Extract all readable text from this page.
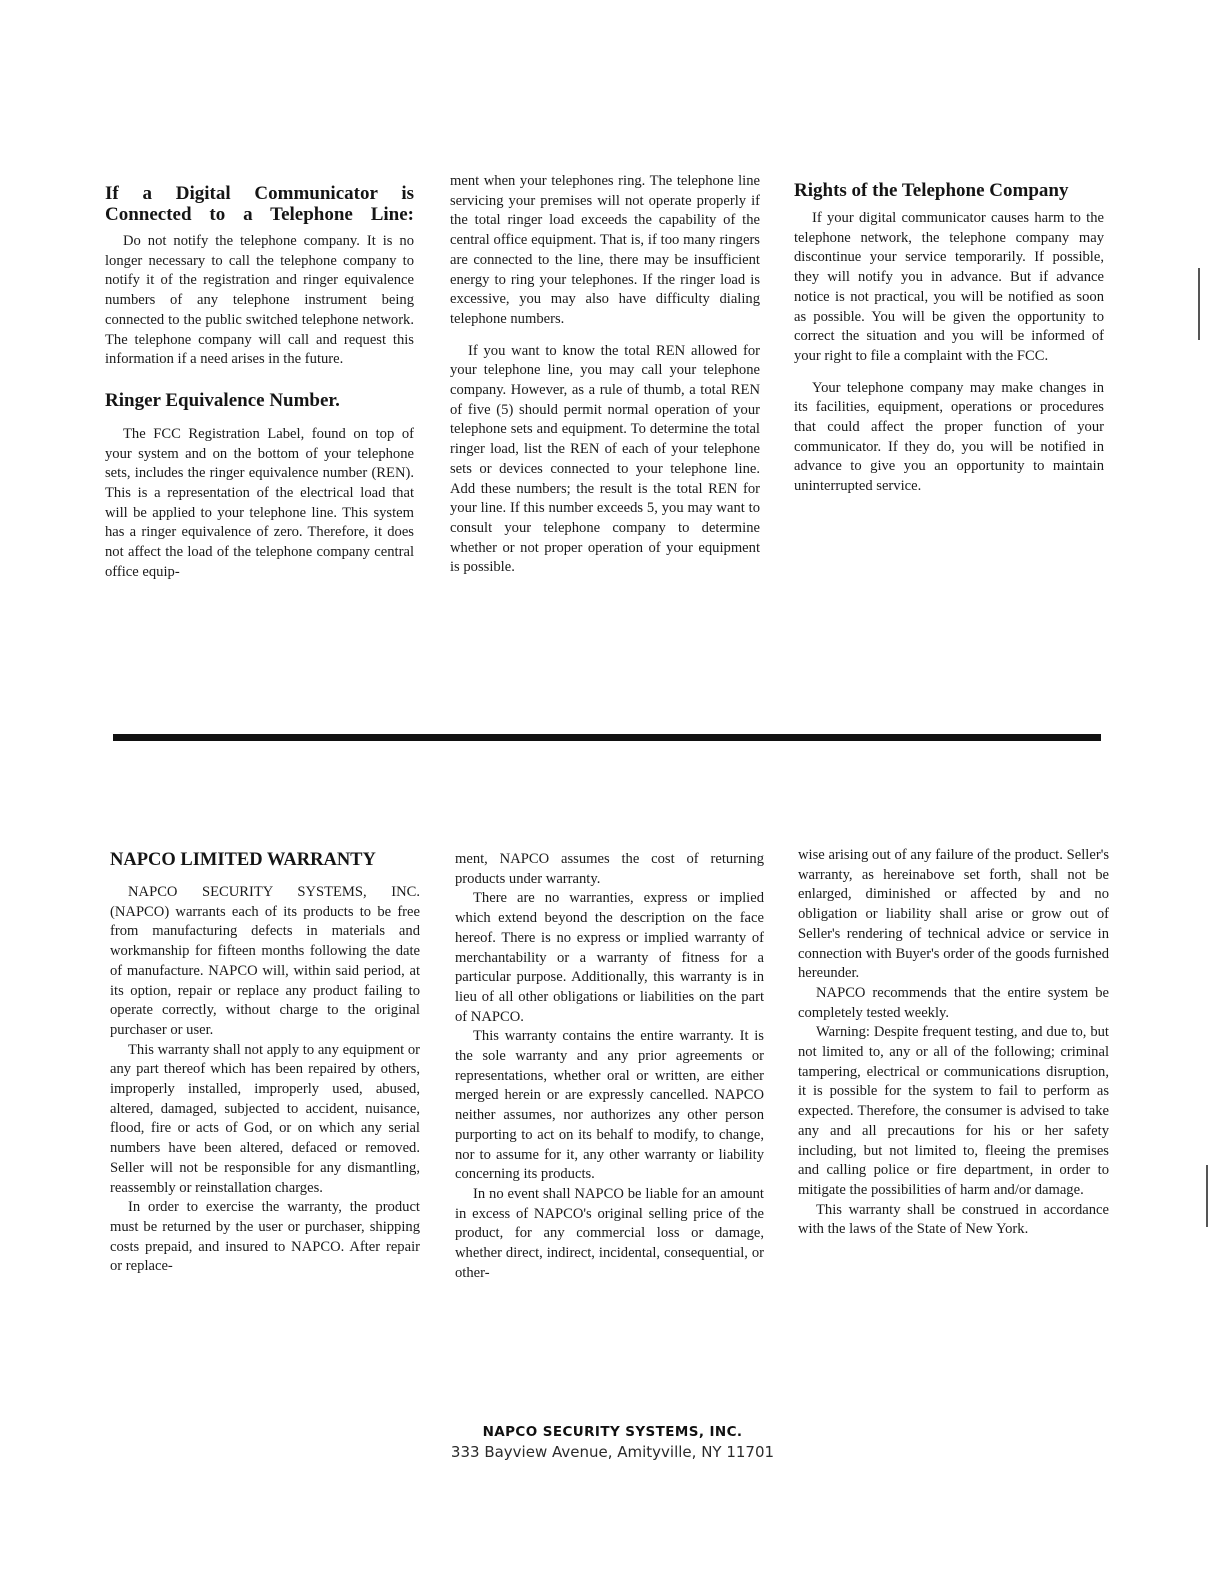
If a Digital Communicator is
Connected to a Telephone Line:

Do not notify the telephone company. It is no longer necessary to call the telephone company to notify it of the registration and ringer equivalence numbers of any telephone instrument being connected to the public switched telephone network. The telephone company will call and request this information if a need arises in the future.

Ringer Equivalence Number.

The FCC Registration Label, found on top of your system and on the bottom of your telephone sets, includes the ringer equivalence number (REN). This is a representation of the electrical load that will be applied to your telephone line. This system has a ringer equivalence of zero. Therefore, it does not affect the load of the telephone company central office equip-

ment when your telephones ring. The telephone line servicing your premises will not operate properly if the total ringer load exceeds the capability of the central office equipment. That is, if too many ringers are connected to the line, there may be insufficient energy to ring your telephones. If the ringer load is excessive, you may also have difficulty dialing telephone numbers.

If you want to know the total REN allowed for your telephone line, you may call your telephone company. However, as a rule of thumb, a total REN of five (5) should permit normal operation of your telephone sets and equipment. To determine the total ringer load, list the REN of each of your telephone sets or devices connected to your telephone line. Add these numbers; the result is the total REN for your line. If this number exceeds 5, you may want to consult your telephone company to determine whether or not proper operation of your equipment is possible.

Rights of the Telephone Company

If your digital communicator causes harm to the telephone network, the telephone company may discontinue your service temporarily. If possible, they will notify you in advance. But if advance notice is not practical, you will be notified as soon as possible. You will be given the opportunity to correct the situation and you will be informed of your right to file a complaint with the FCC.

Your telephone company may make changes in its facilities, equipment, operations or procedures that could affect the proper function of your communicator. If they do, you will be notified in advance to give you an opportunity to maintain uninterrupted service.

NAPCO LIMITED WARRANTY

NAPCO SECURITY SYSTEMS, INC. (NAPCO) warrants each of its products to be free from manufacturing defects in materials and workmanship for fifteen months following the date of manufacture. NAPCO will, within said period, at its option, repair or replace any product failing to operate correctly, without charge to the original purchaser or user.

This warranty shall not apply to any equipment or any part thereof which has been repaired by others, improperly installed, improperly used, abused, altered, damaged, subjected to accident, nuisance, flood, fire or acts of God, or on which any serial numbers have been altered, defaced or removed. Seller will not be responsible for any dismantling, reassembly or reinstallation charges.

In order to exercise the warranty, the product must be returned by the user or purchaser, shipping costs prepaid, and insured to NAPCO. After repair or replace-

ment, NAPCO assumes the cost of returning products under warranty.

There are no warranties, express or implied which extend beyond the description on the face hereof. There is no express or implied warranty of merchantability or a warranty of fitness for a particular purpose. Additionally, this warranty is in lieu of all other obligations or liabilities on the part of NAPCO.

This warranty contains the entire warranty. It is the sole warranty and any prior agreements or representations, whether oral or written, are either merged herein or are expressly cancelled. NAPCO neither assumes, nor authorizes any other person purporting to act on its behalf to modify, to change, nor to assume for it, any other warranty or liability concerning its products.

In no event shall NAPCO be liable for an amount in excess of NAPCO's original selling price of the product, for any commercial loss or damage, whether direct, indirect, incidental, consequential, or other-

wise arising out of any failure of the product. Seller's warranty, as hereinabove set forth, shall not be enlarged, diminished or affected by and no obligation or liability shall arise or grow out of Seller's rendering of technical advice or service in connection with Buyer's order of the goods furnished hereunder.

NAPCO recommends that the entire system be completely tested weekly.

Warning: Despite frequent testing, and due to, but not limited to, any or all of the following; criminal tampering, electrical or communications disruption, it is possible for the system to fail to perform as expected. Therefore, the consumer is advised to take any and all precautions for his or her safety including, but not limited to, fleeing the premises and calling police or fire department, in order to mitigate the possibilities of harm and/or damage.

This warranty shall be construed in accordance with the laws of the State of New York.

NAPCO SECURITY SYSTEMS, INC.
333 Bayview Avenue, Amityville, NY 11701
